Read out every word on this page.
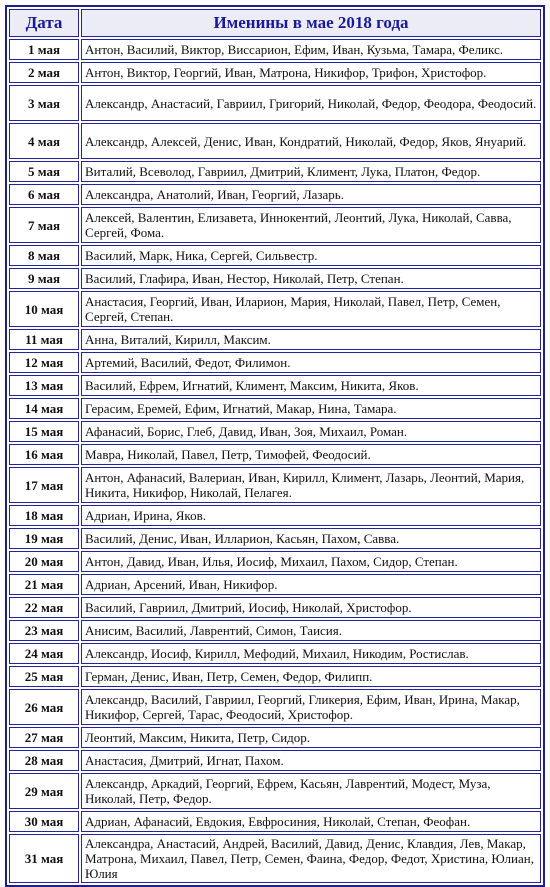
Дата	Именины в мае 2018 года
1 мая	Антон, Василий, Виктор, Виссарион, Ефим, Иван, Кузьма, Тамара, Феликс.
2 мая	Антон, Виктор, Георгий, Иван, Матрона, Никифор, Трифон, Христофор.
3 мая	Александр, Анастасий, Гавриил, Григорий, Николай, Федор, Феодора, Феодосий.
4 мая	Александр, Алексей, Денис, Иван, Кондратий, Николай, Федор, Яков, Януарий.
5 мая	Виталий, Всеволод, Гавриил, Дмитрий, Климент, Лука, Платон, Федор.
6 мая	Александра, Анатолий, Иван, Георгий, Лазарь.
7 мая	Алексей, Валентин, Елизавета, Иннокентий, Леонтий, Лука, Николай, Савва, Сергей, Фома.
8 мая	Василий, Марк, Ника, Сергей, Сильвестр.
9 мая	Василий, Глафира, Иван, Нестор, Николай, Петр, Степан.
10 мая	Анастасия, Георгий, Иван, Иларион, Мария, Николай, Павел, Петр, Семен, Сергей, Степан.
11 мая	Анна, Виталий, Кирилл, Максим.
12 мая	Артемий, Василий, Федот, Филимон.
13 мая	Василий, Ефрем, Игнатий, Климент, Максим, Никита, Яков.
14 мая	Герасим, Еремей, Ефим, Игнатий, Макар, Нина, Тамара.
15 мая	Афанасий, Борис, Глеб, Давид, Иван, Зоя, Михаил, Роман.
16 мая	Мавра, Николай, Павел, Петр, Тимофей, Феодосий.
17 мая	Антон, Афанасий, Валериан, Иван, Кирилл, Климент, Лазарь, Леонтий, Мария, Никита, Никифор, Николай, Пелагея.
18 мая	Адриан, Ирина, Яков.
19 мая	Василий, Денис, Иван, Илларион, Касьян, Пахом, Савва.
20 мая	Антон, Давид, Иван, Илья, Иосиф, Михаил, Пахом, Сидор, Степан.
21 мая	Адриан, Арсений, Иван, Никифор.
22 мая	Василий, Гавриил, Дмитрий, Иосиф, Николай, Христофор.
23 мая	Анисим, Василий, Лаврентий, Симон, Таисия.
24 мая	Александр, Иосиф, Кирилл, Мефодий, Михаил, Никодим, Ростислав.
25 мая	Герман, Денис, Иван, Петр, Семен, Федор, Филипп.
26 мая	Александр, Василий, Гавриил, Георгий, Гликерия, Ефим, Иван, Ирина, Макар, Никифор, Сергей, Тарас, Феодосий, Христофор.
27 мая	Леонтий, Максим, Никита, Петр, Сидор.
28 мая	Анастасия, Дмитрий, Игнат, Пахом.
29 мая	Александр, Аркадий, Георгий, Ефрем, Касьян, Лаврентий, Модест, Муза, Николай, Петр, Федор.
30 мая	Адриан, Афанасий, Евдокия, Евфросиния, Николай, Степан, Феофан.
31 мая	Александра, Анастасий, Андрей, Василий, Давид, Денис, Клавдия, Лев, Макар, Матрона, Михаил, Павел, Петр, Семен, Фаина, Федор, Федот, Христина, Юлиан, Юлия
